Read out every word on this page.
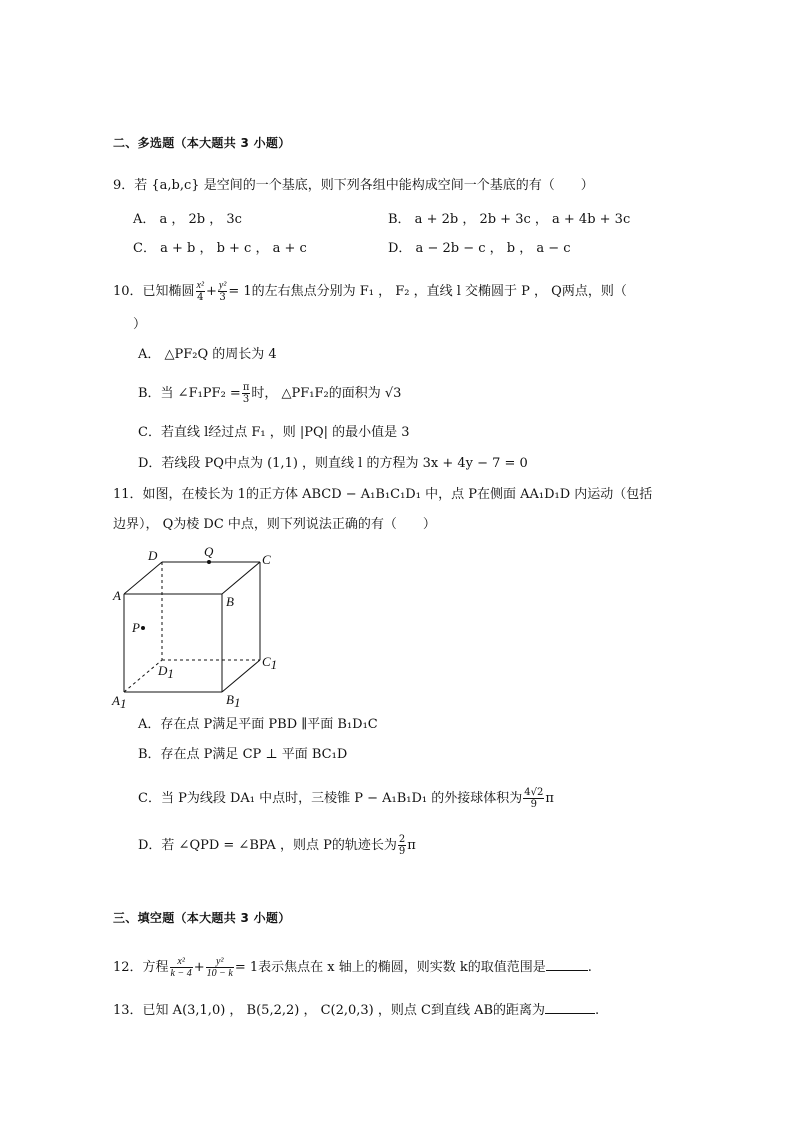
二、多选题（本大题共 3 小题）
9．若 {a,b,c} 是空间的一个基底，则下列各组中能构成空间一个基底的有（　　）
A． a ， 2b ， 3c	B． a + 2b ， 2b + 3c ， a + 4b + 3c
C． a + b ， b + c ， a + c	D． a − 2b − c ， b ， a − c
10．已知椭圆 $\frac{\text{x²}}{4} + \frac{\text{y²}}{3} = 1$的左右焦点分别为 F₁ ， F₂ ，直线 l 交椭圆于 P ， Q两点，则（
）
A． △PF₂Q 的周长为 4
B．当 ∠F₁PF₂ = $\frac{\pi}{3}$ 时， △PF₁F₂的面积为 √3
C．若直线 l经过点 F₁ ，则 |PQ| 的最小值是 3
D．若线段 PQ中点为 (1,1) ，则直线 l 的方程为 3x + 4y − 7 = 0
11．如图，在棱长为 1的正方体 ABCD − A₁B₁C₁D₁ 中，点 P在侧面 AA₁D₁D 内运动（包括
边界）， Q为棱 DC 中点，则下列说法正确的有（　　）
D	Q
C
A	B
P
C1
D1
A1	B1
A．存在点 P满足平面 PBD ∥平面 B₁D₁C
B．存在点 P满足 CP ⊥ 平面 BC₁D
C．当 P为线段 DA₁ 中点时，三棱锥 P − A₁B₁D₁ 的外接球体积为 $\frac{4√2}{9}$ π
D．若 ∠QPD = ∠BPA ，则点 P的轨迹长为 $\frac{2}{9}$ π
三、填空题（本大题共 3 小题）
12．方程 $\frac{\text{x²}}{k - 4} + \frac{\text{y²}}{10 - k} = 1$表示焦点在 x 轴上的椭圆，则实数 k的取值范围是	.
13．已知 A(3,1,0) ， B(5,2,2) ， C(2,0,3) ，则点 C到直线 AB的距离为	.
